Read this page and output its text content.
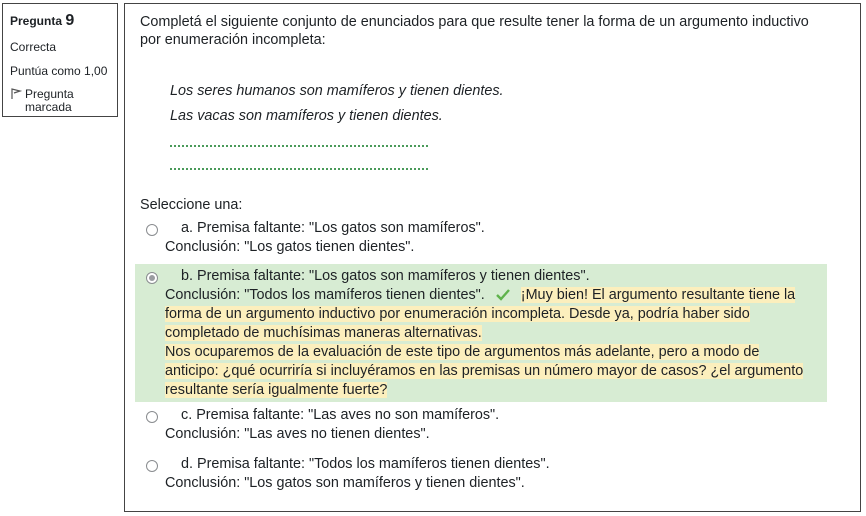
Pregunta 9
Correcta
Puntúa como 1,00
Pregunta marcada
Completá el siguiente conjunto de enunciados para que resulte tener la forma de un argumento inductivo por enumeración incompleta:
Los seres humanos son mamíferos y tienen dientes.
Las vacas son mamíferos y tienen dientes.
Seleccione una:
a. Premisa faltante: "Los gatos son mamíferos".
Conclusión: "Los gatos tienen dientes".
b. Premisa faltante: "Los gatos son mamíferos y tienen dientes".
Conclusión: "Todos los mamíferos tienen dientes".	¡Muy bien! El argumento resultante tiene la
forma de un argumento inductivo por enumeración incompleta. Desde ya, podría haber sido
completado de muchísimas maneras alternativas.
Nos ocuparemos de la evaluación de este tipo de argumentos más adelante, pero a modo de
anticipo: ¿qué ocurriría si incluyéramos en las premisas un número mayor de casos? ¿el argumento
resultante sería igualmente fuerte?
c. Premisa faltante: "Las aves no son mamíferos".
Conclusión: "Las aves no tienen dientes".
d. Premisa faltante: "Todos los mamíferos tienen dientes".
Conclusión: "Los gatos son mamíferos y tienen dientes".
